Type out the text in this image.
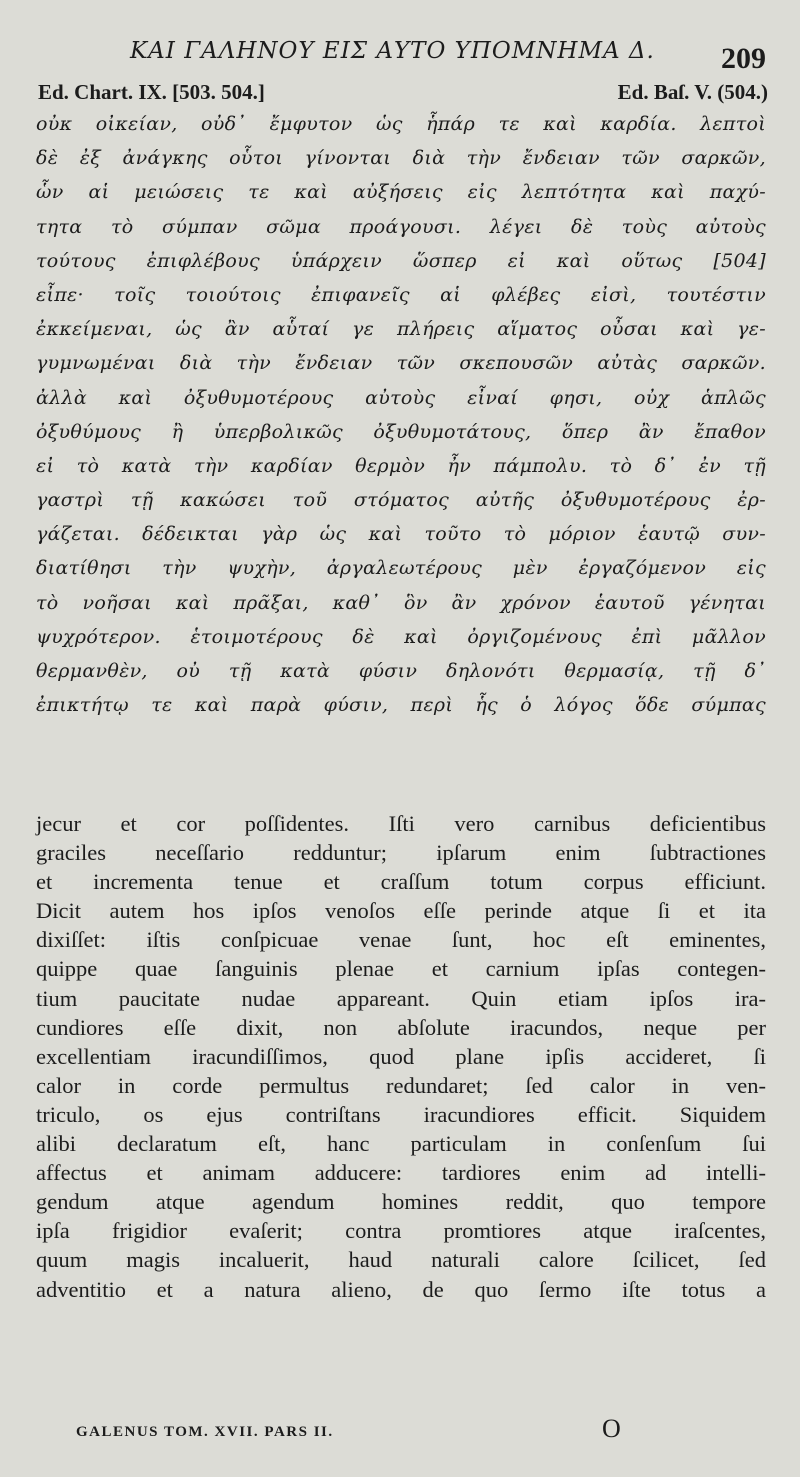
ΚΑΙ ΓΑΛΗΝΟΥ ΕΙΣ ΑΥΤΟ ΥΠΟΜΝΗΜΑ Δ. 209
Ed. Chart. IX. [503. 504.]	Ed. Baſ. V. (504.)
οὐκ οἰκείαν, οὐδ᾽ ἔμφυτον ὡς ἧπάρ τε καὶ καρδία. λεπτοὶ
δὲ ἐξ ἀνάγκης οὗτοι γίνονται διὰ τὴν ἔνδειαν τῶν σαρκῶν,
ὧν αἱ μειώσεις τε καὶ αὐξήσεις εἰς λεπτότητα καὶ παχύ-
τητα τὸ σύμπαν σῶμα προάγουσι. λέγει δὲ τοὺς αὐτοὺς
τούτους ἐπιφλέβους ὑπάρχειν ὥσπερ εἰ καὶ οὕτως [504]
εἶπε· τοῖς τοιούτοις ἐπιφανεῖς αἱ φλέβες εἰσὶ, τουτέστιν
ἐκκείμεναι, ὡς ἂν αὗταί γε πλήρεις αἵματος οὖσαι καὶ γε-
γυμνωμέναι διὰ τὴν ἔνδειαν τῶν σκεπουσῶν αὐτὰς σαρκῶν.
ἀλλὰ καὶ ὀξυθυμοτέρους αὐτοὺς εἶναί φησι, οὐχ ἁπλῶς
ὀξυθύμους ἢ ὑπερβολικῶς ὀξυθυμοτάτους, ὅπερ ἂν ἔπαθον
εἰ τὸ κατὰ τὴν καρδίαν θερμὸν ἦν πάμπολυ. τὸ δ᾽ ἐν τῇ
γαστρὶ τῇ κακώσει τοῦ στόματος αὐτῆς ὀξυθυμοτέρους ἐρ-
γάζεται. δέδεικται γὰρ ὡς καὶ τοῦτο τὸ μόριον ἑαυτῷ συν-
διατίθησι τὴν ψυχὴν, ἀργαλεωτέρους μὲν ἐργαζόμενον εἰς
τὸ νοῆσαι καὶ πρᾶξαι, καθ᾽ ὃν ἂν χρόνον ἑαυτοῦ γένηται
ψυχρότερον. ἑτοιμοτέρους δὲ καὶ ὀργιζομένους ἐπὶ μᾶλλον
θερμανθὲν, οὐ τῇ κατὰ φύσιν δηλονότι θερμασίᾳ, τῇ δ᾽
ἐπικτήτῳ τε καὶ παρὰ φύσιν, περὶ ἧς ὁ λόγος ὅδε σύμπας
jecur et cor poſſidentes. Iſti vero carnibus deficientibus
graciles neceſſario redduntur; ipſarum enim ſubtractiones
et incrementa tenue et craſſum totum corpus efficiunt.
Dicit autem hos ipſos venoſos eſſe perinde atque ſi et ita
dixiſſet: iſtis conſpicuae venae ſunt, hoc eſt eminentes,
quippe quae ſanguinis plenae et carnium ipſas contegen-
tium paucitate nudae appareant. Quin etiam ipſos ira-
cundiores eſſe dixit, non abſolute iracundos, neque per
excellentiam iracundiſſimos, quod plane ipſis accideret, ſi
calor in corde permultus redundaret; ſed calor in ven-
triculo, os ejus contriſtans iracundiores efficit. Siquidem
alibi declaratum eſt, hanc particulam in conſenſum ſui
affectus et animam adducere: tardiores enim ad intelli-
gendum atque agendum homines reddit, quo tempore
ipſa frigidior evaſerit; contra promtiores atque iraſcentes,
quum magis incaluerit, haud naturali calore ſcilicet, ſed
adventitio et a natura alieno, de quo ſermo iſte totus a
GALENUS TOM. XVII. PARS II.	O
